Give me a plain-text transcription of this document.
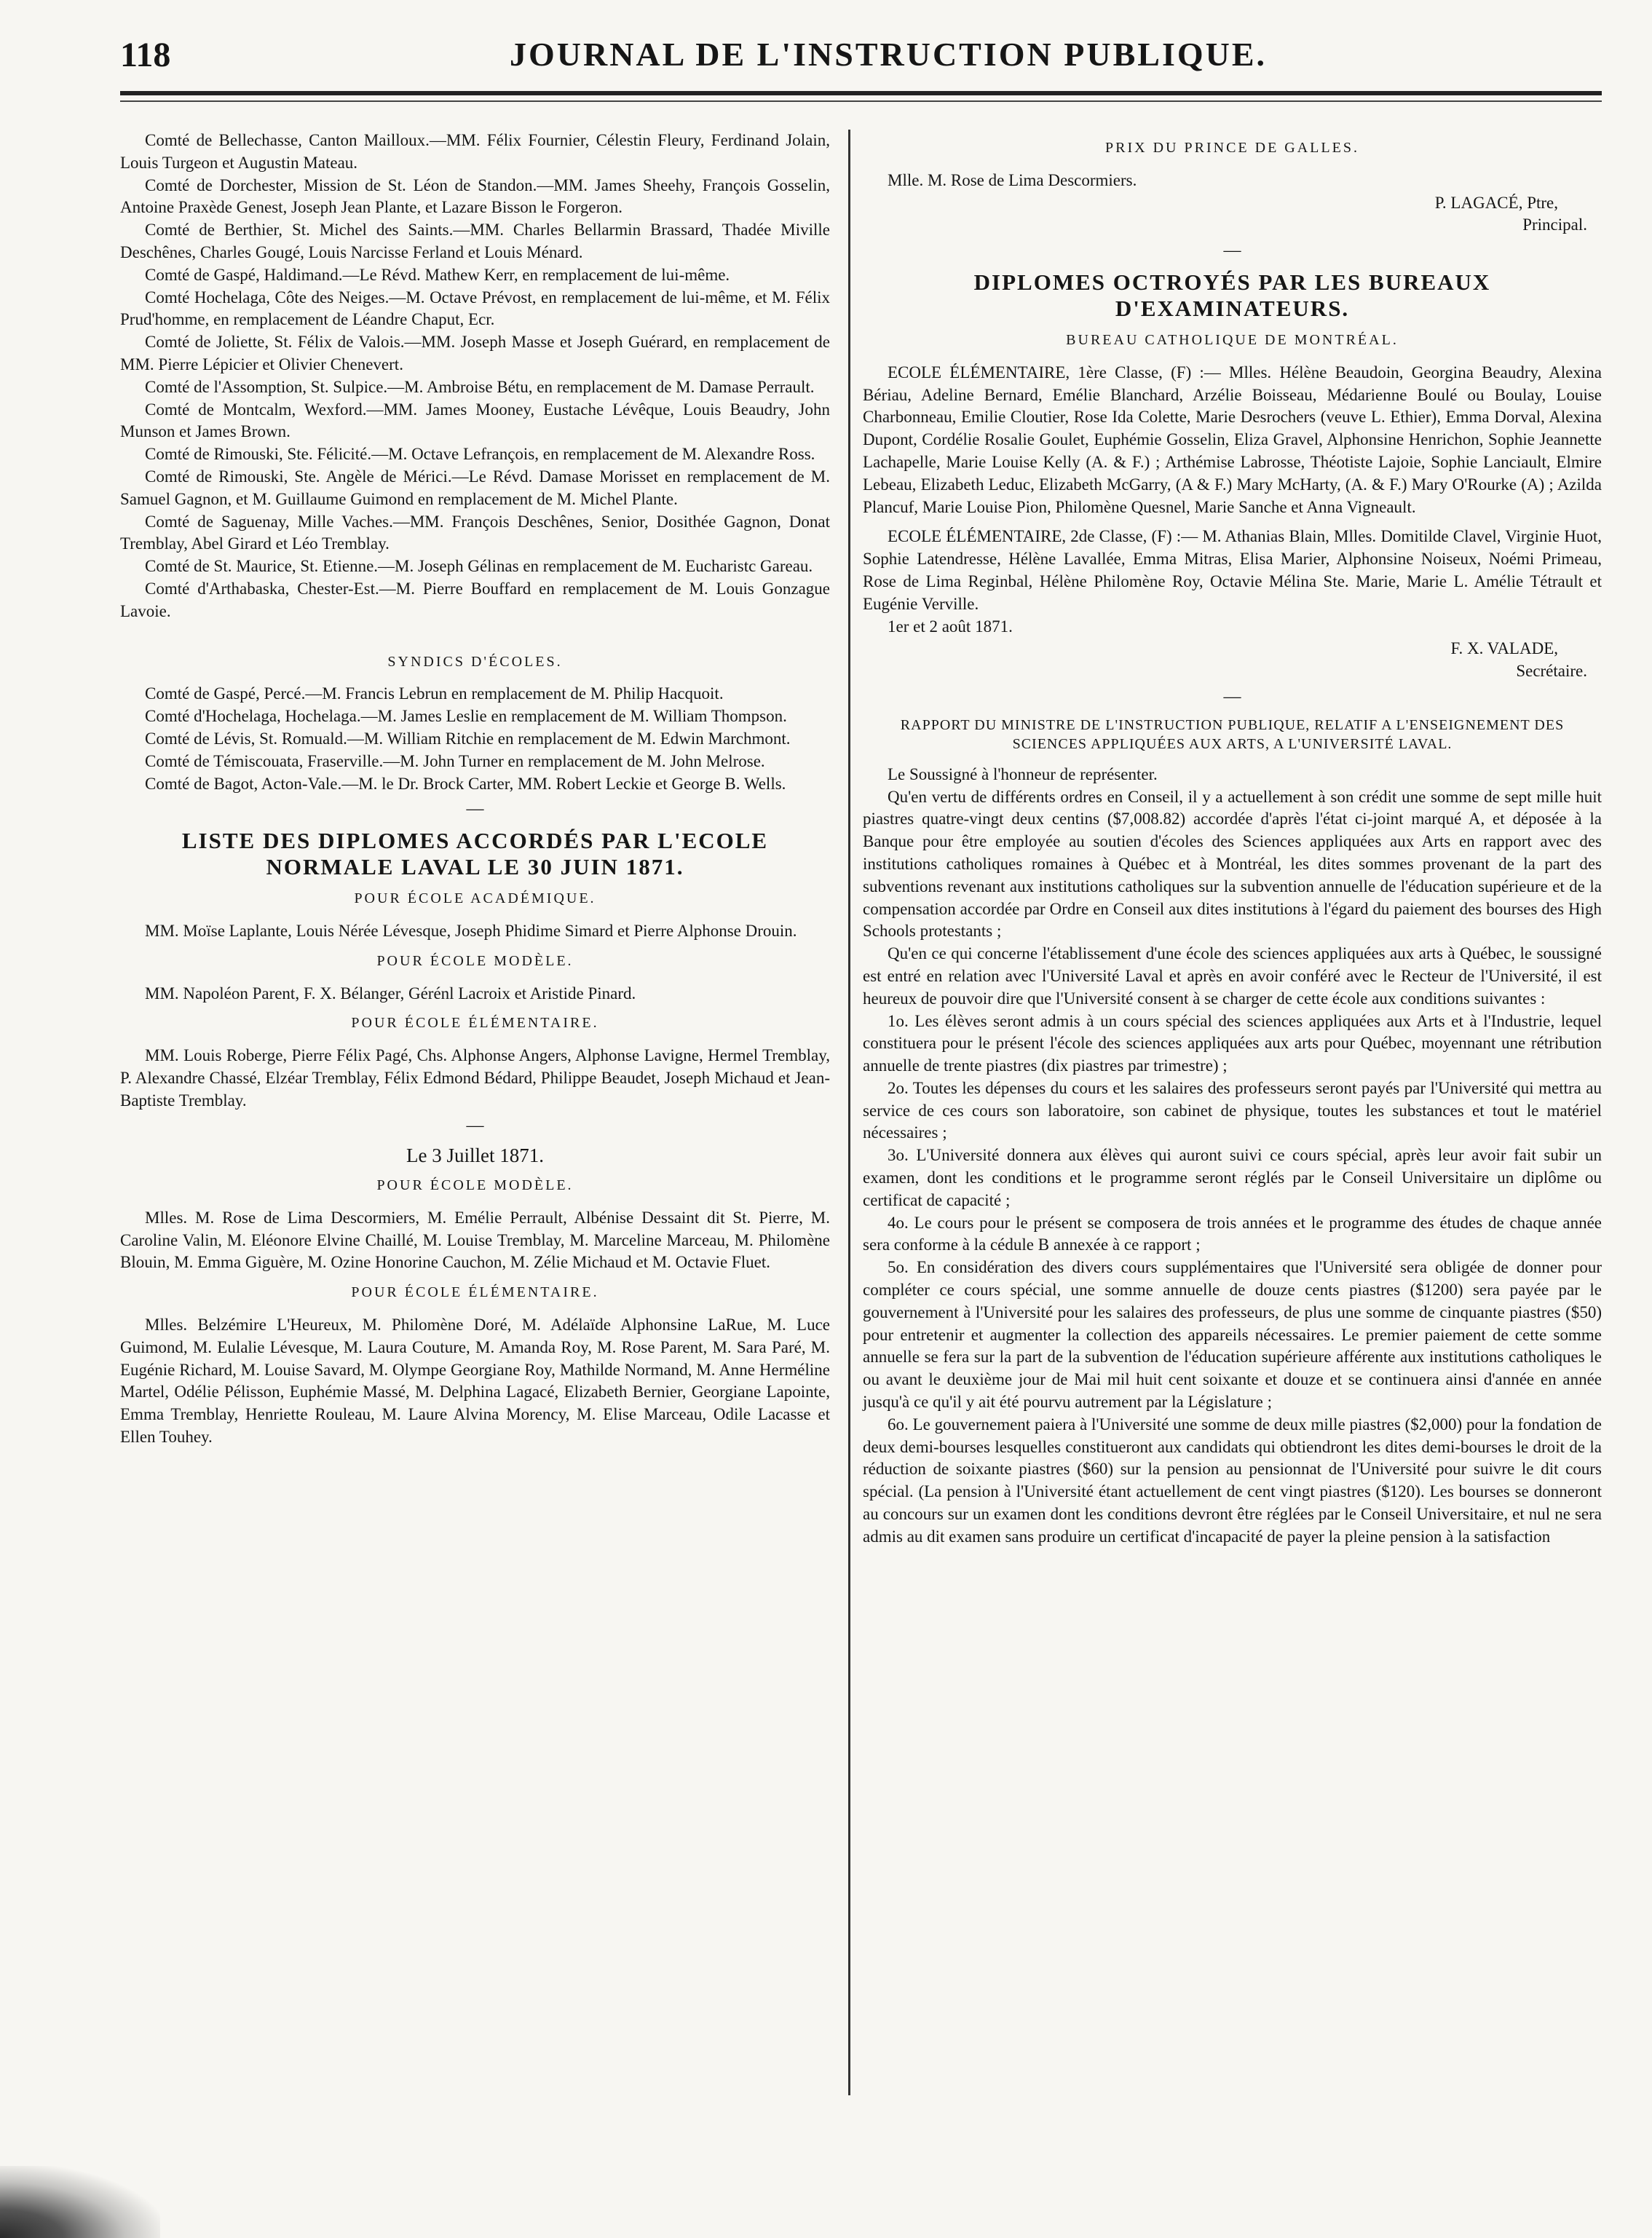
118	JOURNAL DE L'INSTRUCTION PUBLIQUE.

Comté de Bellechasse, Canton Mailloux.—MM. Félix Fournier, Célestin Fleury, Ferdinand Jolain, Louis Turgeon et Augustin Mateau.

Comté de Dorchester, Mission de St. Léon de Standon.—MM. James Sheehy, François Gosselin, Antoine Praxède Genest, Joseph Jean Plante, et Lazare Bisson le Forgeron.

Comté de Berthier, St. Michel des Saints.—MM. Charles Bellarmin Brassard, Thadée Miville Deschênes, Charles Gougé, Louis Narcisse Ferland et Louis Ménard.

Comté de Gaspé, Haldimand.—Le Révd. Mathew Kerr, en remplacement de lui-même.

Comté Hochelaga, Côte des Neiges.—M. Octave Prévost, en remplacement de lui-même, et M. Félix Prud'homme, en remplacement de Léandre Chaput, Ecr.

Comté de Joliette, St. Félix de Valois.—MM. Joseph Masse et Joseph Guérard, en remplacement de MM. Pierre Lépicier et Olivier Chenevert.

Comté de l'Assomption, St. Sulpice.—M. Ambroise Bétu, en remplacement de M. Damase Perrault.

Comté de Montcalm, Wexford.—MM. James Mooney, Eustache Lévêque, Louis Beaudry, John Munson et James Brown.

Comté de Rimouski, Ste. Félicité.—M. Octave Lefrançois, en remplacement de M. Alexandre Ross.

Comté de Rimouski, Ste. Angèle de Mérici.—Le Révd. Damase Morisset en remplacement de M. Samuel Gagnon, et M. Guillaume Guimond en remplacement de M. Michel Plante.

Comté de Saguenay, Mille Vaches.—MM. François Deschênes, Senior, Dosithée Gagnon, Donat Tremblay, Abel Girard et Léo Tremblay.

Comté de St. Maurice, St. Etienne.—M. Joseph Gélinas en remplacement de M. Eucharistc Gareau.

Comté d'Arthabaska, Chester-Est.—M. Pierre Bouffard en remplacement de M. Louis Gonzague Lavoie.

SYNDICS D'ÉCOLES.

Comté de Gaspé, Percé.—M. Francis Lebrun en remplacement de M. Philip Hacquoit.

Comté d'Hochelaga, Hochelaga.—M. James Leslie en remplacement de M. William Thompson.

Comté de Lévis, St. Romuald.—M. William Ritchie en remplacement de M. Edwin Marchmont.

Comté de Témiscouata, Fraserville.—M. John Turner en remplacement de M. John Melrose.

Comté de Bagot, Acton-Vale.—M. le Dr. Brock Carter, MM. Robert Leckie et George B. Wells.

—
LISTE DES DIPLOMES ACCORDÉS PAR L'ECOLE NORMALE LAVAL LE 30 JUIN 1871.
POUR ÉCOLE ACADÉMIQUE.

MM. Moïse Laplante, Louis Nérée Lévesque, Joseph Phidime Simard et Pierre Alphonse Drouin.

POUR ÉCOLE MODÈLE.

MM. Napoléon Parent, F. X. Bélanger, Gérénl Lacroix et Aristide Pinard.

POUR ÉCOLE ÉLÉMENTAIRE.

MM. Louis Roberge, Pierre Félix Pagé, Chs. Alphonse Angers, Alphonse Lavigne, Hermel Tremblay, P. Alexandre Chassé, Elzéar Tremblay, Félix Edmond Bédard, Philippe Beaudet, Joseph Michaud et Jean-Baptiste Tremblay.

—
Le 3 Juillet 1871.
POUR ÉCOLE MODÈLE.

Mlles. M. Rose de Lima Descormiers, M. Emélie Perrault, Albénise Dessaint dit St. Pierre, M. Caroline Valin, M. Eléonore Elvine Chaillé, M. Louise Tremblay, M. Marceline Marceau, M. Philomène Blouin, M. Emma Giguère, M. Ozine Honorine Cauchon, M. Zélie Michaud et M. Octavie Fluet.

POUR ÉCOLE ÉLÉMENTAIRE.

Mlles. Belzémire L'Heureux, M. Philomène Doré, M. Adélaïde Alphonsine LaRue, M. Luce Guimond, M. Eulalie Lévesque, M. Laura Couture, M. Amanda Roy, M. Rose Parent, M. Sara Paré, M. Eugénie Richard, M. Louise Savard, M. Olympe Georgiane Roy, Mathilde Normand, M. Anne Herméline Martel, Odélie Pélisson, Euphémie Massé, M. Delphina Lagacé, Elizabeth Bernier, Georgiane Lapointe, Emma Tremblay, Henriette Rouleau, M. Laure Alvina Morency, M. Elise Marceau, Odile Lacasse et Ellen Touhey.

PRIX DU PRINCE DE GALLES.

Mlle. M. Rose de Lima Descormiers.

P. LAGACÉ, Ptre,
Principal.
—
DIPLOMES OCTROYÉS PAR LES BUREAUX D'EXAMINATEURS.
BUREAU CATHOLIQUE DE MONTRÉAL.

ECOLE ÉLÉMENTAIRE, 1ère Classe, (F) :— Mlles. Hélène Beaudoin, Georgina Beaudry, Alexina Bériau, Adeline Bernard, Emélie Blanchard, Arzélie Boisseau, Médarienne Boulé ou Boulay, Louise Charbonneau, Emilie Cloutier, Rose Ida Colette, Marie Desrochers (veuve L. Ethier), Emma Dorval, Alexina Dupont, Cordélie Rosalie Goulet, Euphémie Gosselin, Eliza Gravel, Alphonsine Henrichon, Sophie Jeannette Lachapelle, Marie Louise Kelly (A. & F.) ; Arthémise Labrosse, Théotiste Lajoie, Sophie Lanciault, Elmire Lebeau, Elizabeth Leduc, Elizabeth McGarry, (A & F.) Mary McHarty, (A. & F.) Mary O'Rourke (A) ; Azilda Plancuf, Marie Louise Pion, Philomène Quesnel, Marie Sanche et Anna Vigneault.

ECOLE ÉLÉMENTAIRE, 2de Classe, (F) :— M. Athanias Blain, Mlles. Domitilde Clavel, Virginie Huot, Sophie Latendresse, Hélène Lavallée, Emma Mitras, Elisa Marier, Alphonsine Noiseux, Noémi Primeau, Rose de Lima Reginbal, Hélène Philomène Roy, Octavie Mélina Ste. Marie, Marie L. Amélie Tétrault et Eugénie Verville.

1er et 2 août 1871.

F. X. VALADE,
Secrétaire.
—
RAPPORT DU MINISTRE DE L'INSTRUCTION PUBLIQUE, RELATIF A L'ENSEIGNEMENT DES SCIENCES APPLIQUÉES AUX ARTS, A L'UNIVERSITÉ LAVAL.

Le Soussigné à l'honneur de représenter.

Qu'en vertu de différents ordres en Conseil, il y a actuellement à son crédit une somme de sept mille huit piastres quatre-vingt deux centins ($7,008.82) accordée d'après l'état ci-joint marqué A, et déposée à la Banque pour être employée au soutien d'écoles des Sciences appliquées aux Arts en rapport avec des institutions catholiques romaines à Québec et à Montréal, les dites sommes provenant de la part des subventions revenant aux institutions catholiques sur la subvention annuelle de l'éducation supérieure et de la compensation accordée par Ordre en Conseil aux dites institutions à l'égard du paiement des bourses des High Schools protestants ;

Qu'en ce qui concerne l'établissement d'une école des sciences appliquées aux arts à Québec, le soussigné est entré en relation avec l'Université Laval et après en avoir conféré avec le Recteur de l'Université, il est heureux de pouvoir dire que l'Université consent à se charger de cette école aux conditions suivantes :

1o. Les élèves seront admis à un cours spécial des sciences appliquées aux Arts et à l'Industrie, lequel constituera pour le présent l'école des sciences appliquées aux arts pour Québec, moyennant une rétribution annuelle de trente piastres (dix piastres par trimestre) ;

2o. Toutes les dépenses du cours et les salaires des professeurs seront payés par l'Université qui mettra au service de ces cours son laboratoire, son cabinet de physique, toutes les substances et tout le matériel nécessaires ;

3o. L'Université donnera aux élèves qui auront suivi ce cours spécial, après leur avoir fait subir un examen, dont les conditions et le programme seront réglés par le Conseil Universitaire un diplôme ou certificat de capacité ;

4o. Le cours pour le présent se composera de trois années et le programme des études de chaque année sera conforme à la cédule B annexée à ce rapport ;

5o. En considération des divers cours supplémentaires que l'Université sera obligée de donner pour compléter ce cours spécial, une somme annuelle de douze cents piastres ($1200) sera payée par le gouvernement à l'Université pour les salaires des professeurs, de plus une somme de cinquante piastres ($50) pour entretenir et augmenter la collection des appareils nécessaires. Le premier paiement de cette somme annuelle se fera sur la part de la subvention de l'éducation supérieure afférente aux institutions catholiques le ou avant le deuxième jour de Mai mil huit cent soixante et douze et se continuera ainsi d'année en année jusqu'à ce qu'il y ait été pourvu autrement par la Législature ;

6o. Le gouvernement paiera à l'Université une somme de deux mille piastres ($2,000) pour la fondation de deux demi-bourses lesquelles constitueront aux candidats qui obtiendront les dites demi-bourses le droit de la réduction de soixante piastres ($60) sur la pension au pensionnat de l'Université pour suivre le dit cours spécial. (La pension à l'Université étant actuellement de cent vingt piastres ($120). Les bourses se donneront au concours sur un examen dont les conditions devront être réglées par le Conseil Universitaire, et nul ne sera admis au dit examen sans produire un certificat d'incapacité de payer la pleine pension à la satisfaction
